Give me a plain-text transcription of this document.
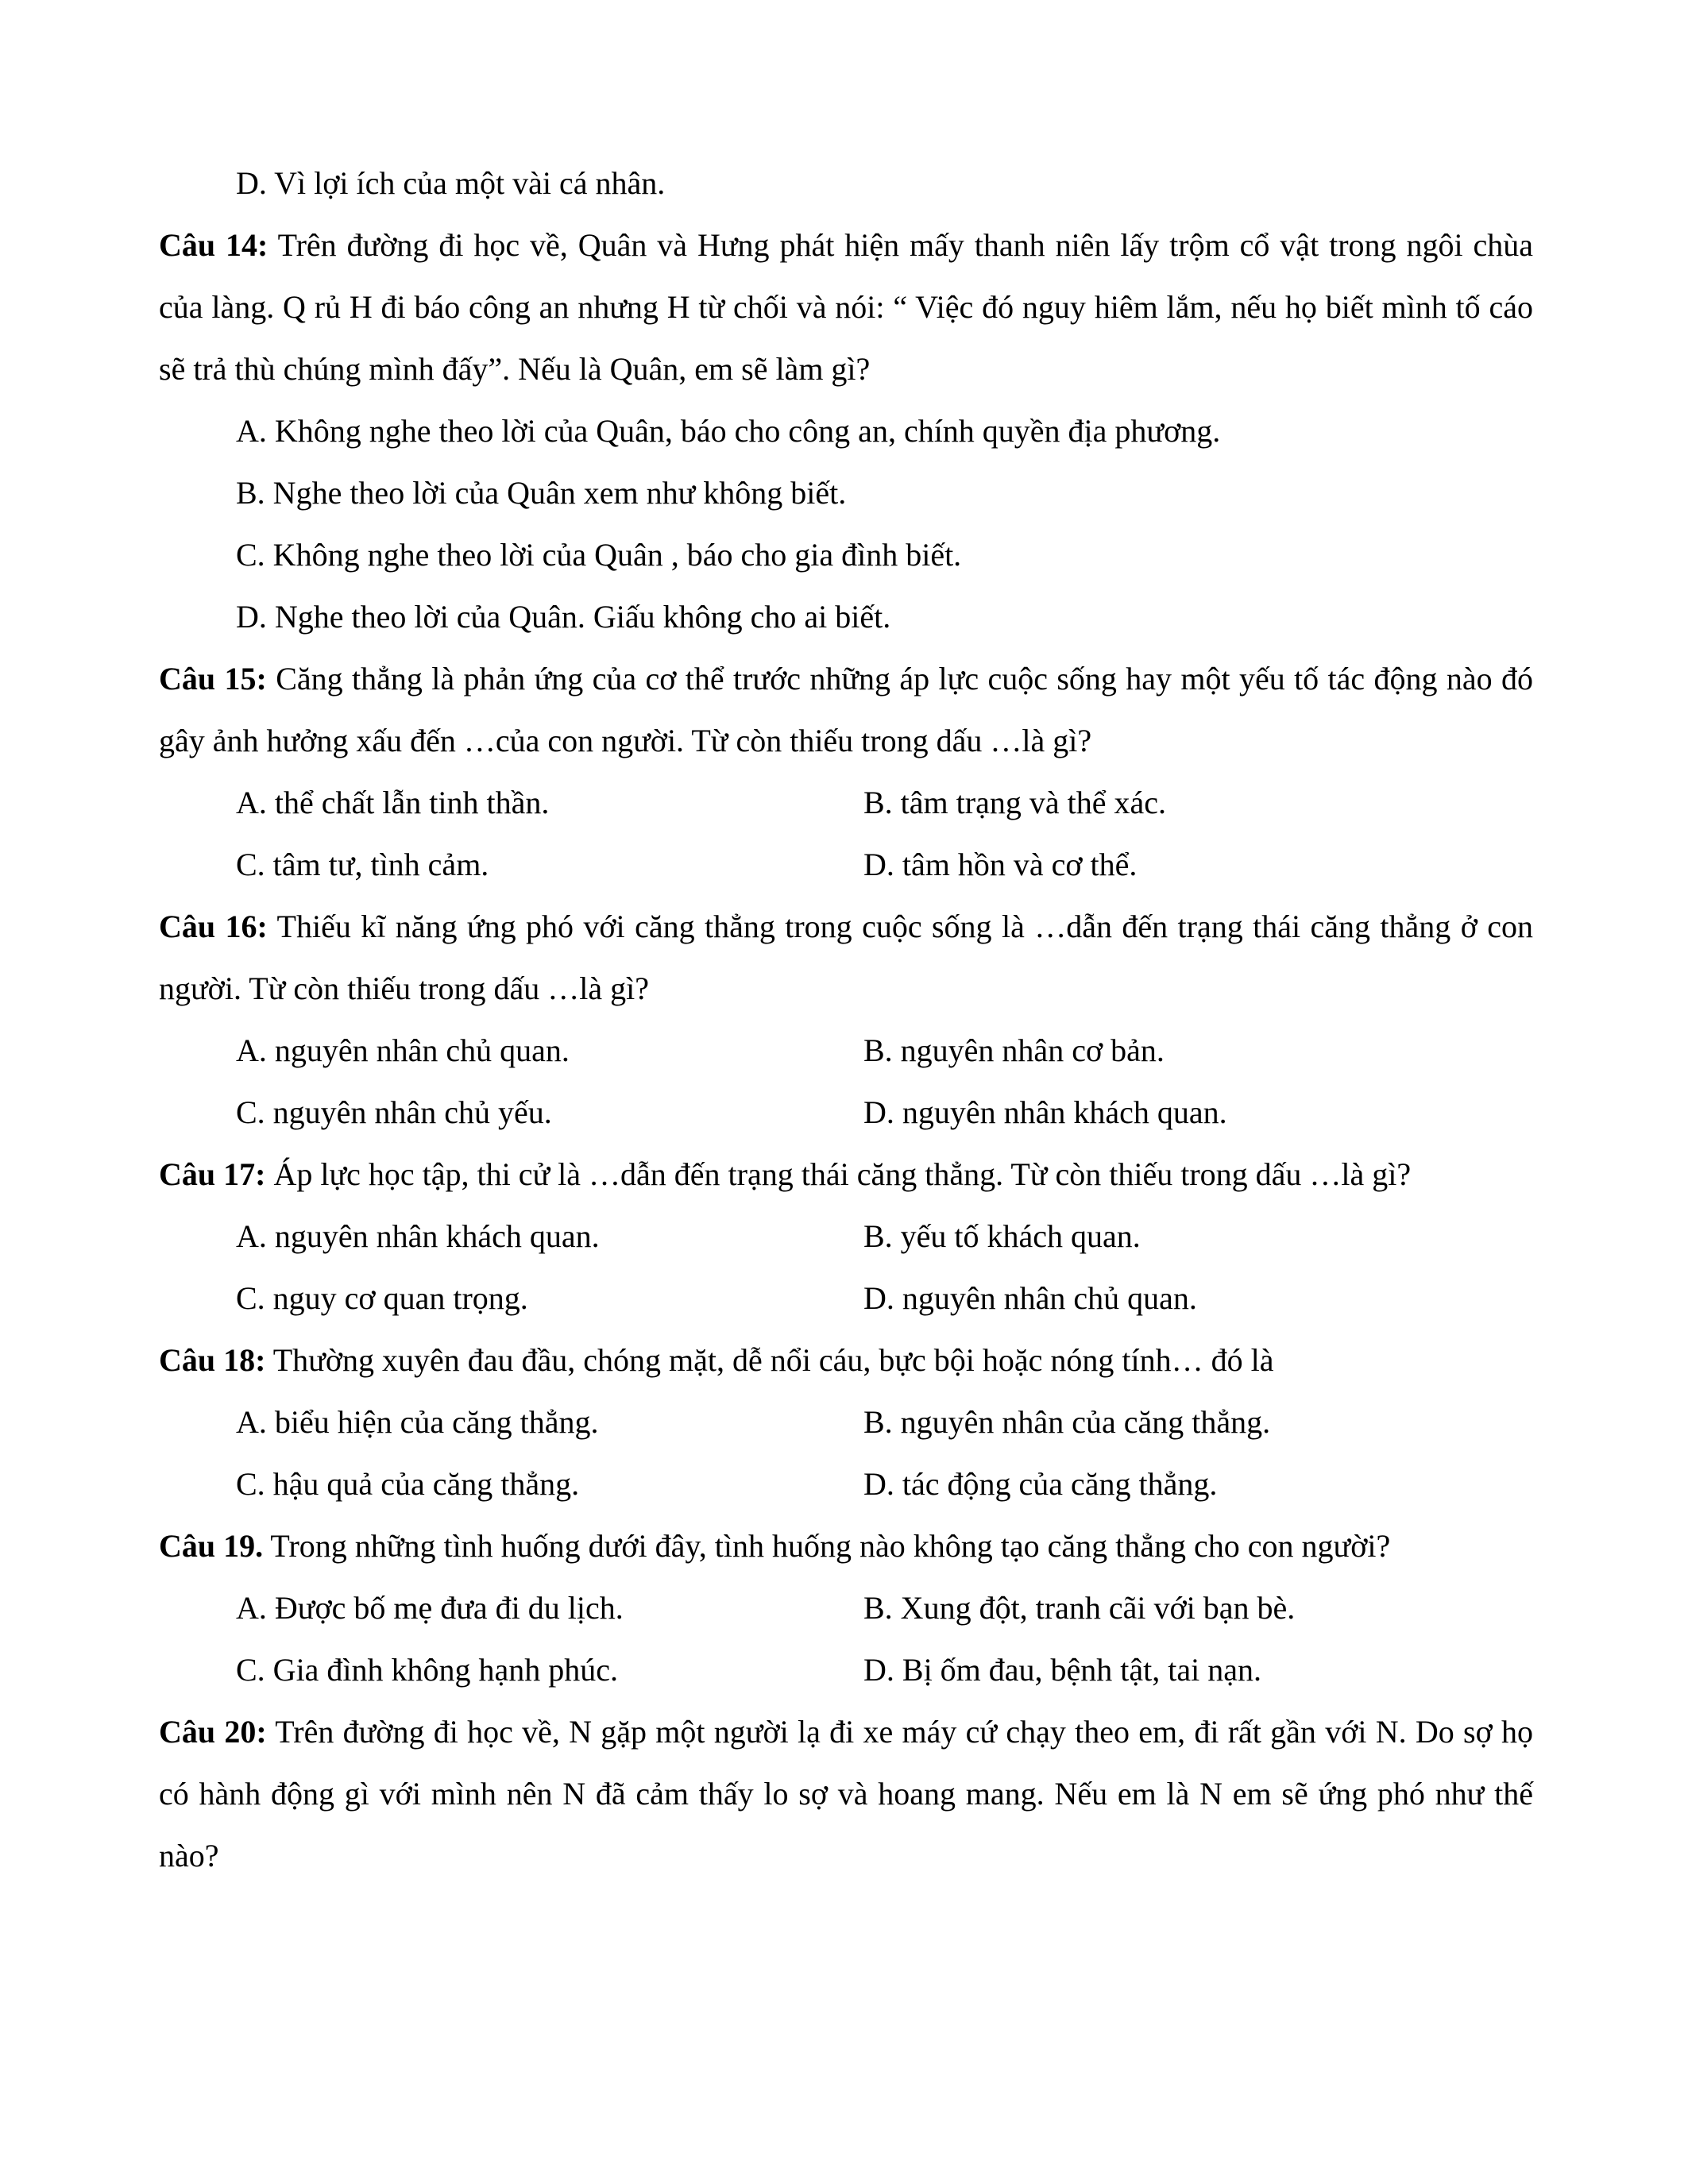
D. Vì lợi ích của một vài cá nhân.

Câu 14: Trên đường đi học về, Quân và Hưng phát hiện mấy thanh niên lấy trộm cổ vật trong ngôi chùa của làng. Q rủ H đi báo công an nhưng H từ chối và nói: “ Việc đó nguy hiêm lắm, nếu họ biết mình tố cáo sẽ trả thù chúng mình đấy”. Nếu là Quân, em sẽ làm gì?

A. Không nghe theo lời của Quân, báo cho công an, chính quyền địa phương.

B. Nghe theo lời của Quân xem như không biết.

C. Không nghe theo lời của Quân , báo cho gia đình biết.

D. Nghe theo lời của Quân. Giấu không cho ai biết.

Câu 15: Căng thẳng là phản ứng của cơ thể trước những áp lực cuộc sống hay một yếu tố tác động nào đó gây ảnh hưởng xấu đến …của con người. Từ còn thiếu trong dấu …là gì?

A. thể chất lẫn tinh thần.	B. tâm trạng và thể xác.
C. tâm tư, tình cảm.	D. tâm hồn và cơ thể.

Câu 16: Thiếu kĩ năng ứng phó với căng thẳng trong cuộc sống là …dẫn đến trạng thái căng thẳng ở con người. Từ còn thiếu trong dấu …là gì?

A. nguyên nhân chủ quan.	B. nguyên nhân cơ bản.
C. nguyên nhân chủ yếu.	D. nguyên nhân khách quan.

Câu 17: Áp lực học tập, thi cử là …dẫn đến trạng thái căng thẳng. Từ còn thiếu trong dấu …là gì?

A. nguyên nhân khách quan.	B. yếu tố khách quan.
C. nguy cơ quan trọng.	D. nguyên nhân chủ quan.

Câu 18: Thường xuyên đau đầu, chóng mặt, dễ nổi cáu, bực bội hoặc nóng tính… đó là

A. biểu hiện của căng thẳng.	B. nguyên nhân của căng thẳng.
C. hậu quả của căng thẳng.	D. tác động của căng thẳng.

Câu 19. Trong những tình huống dưới đây, tình huống nào không tạo căng thẳng cho con người?

A. Được bố mẹ đưa đi du lịch.	B. Xung đột, tranh cãi với bạn bè.
C. Gia đình không hạnh phúc.	D. Bị ốm đau, bệnh tật, tai nạn.

Câu 20: Trên đường đi học về, N gặp một người lạ đi xe máy cứ chạy theo em, đi rất gần với N. Do sợ họ có hành động gì với mình nên N đã cảm thấy lo sợ và hoang mang. Nếu em là N em sẽ ứng phó như thế nào?
